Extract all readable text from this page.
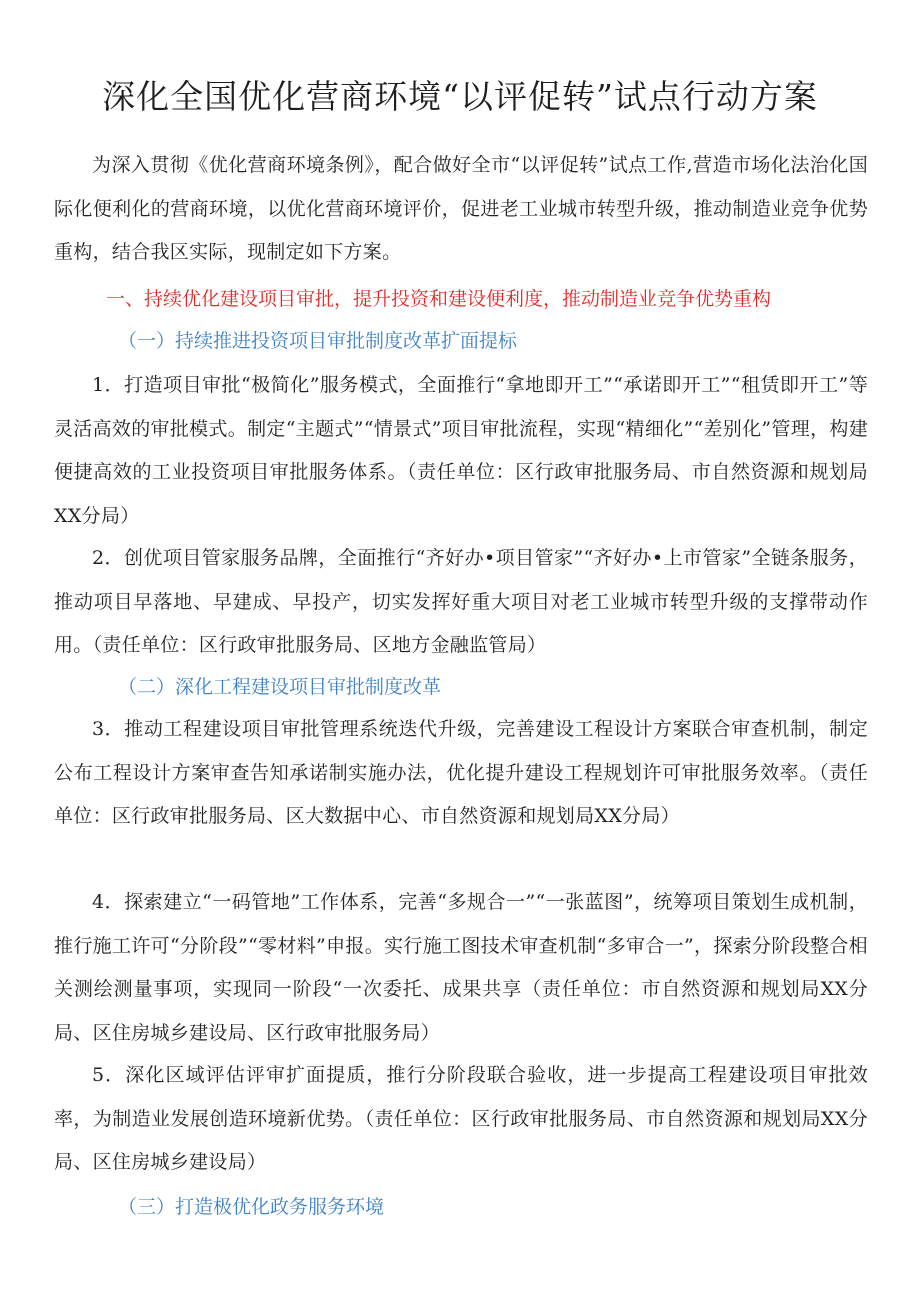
深化全国优化营商环境“以评促转”试点行动方案
为深入贯彻《优化营商环境条例》，配合做好全市“以评促转”试点工作,营造市场化法治化国际化便利化的营商环境，以优化营商环境评价，促进老工业城市转型升级，推动制造业竞争优势重构，结合我区实际，现制定如下方案。
一、持续优化建设项目审批，提升投资和建设便利度，推动制造业竞争优势重构
（一）持续推进投资项目审批制度改革扩面提标
1．打造项目审批“极简化”服务模式，全面推行“拿地即开工”“承诺即开工”“租赁即开工”等灵活高效的审批模式。制定“主题式”“情景式”项目审批流程，实现“精细化”“差别化”管理，构建便捷高效的工业投资项目审批服务体系。（责任单位：区行政审批服务局、市自然资源和规划局XX分局）
2．创优项目管家服务品牌，全面推行“齐好办•项目管家”“齐好办•上市管家”全链条服务，推动项目早落地、早建成、早投产，切实发挥好重大项目对老工业城市转型升级的支撑带动作用。（责任单位：区行政审批服务局、区地方金融监管局）
（二）深化工程建设项目审批制度改革
3．推动工程建设项目审批管理系统迭代升级，完善建设工程设计方案联合审查机制，制定公布工程设计方案审查告知承诺制实施办法，优化提升建设工程规划许可审批服务效率。（责任单位：区行政审批服务局、区大数据中心、市自然资源和规划局XX分局）
4．探索建立“一码管地”工作体系，完善“多规合一”“一张蓝图”，统筹项目策划生成机制，推行施工许可“分阶段”“零材料”申报。实行施工图技术审查机制“多审合一”，探索分阶段整合相关测绘测量事项，实现同一阶段“一次委托、成果共享（责任单位：市自然资源和规划局XX分局、区住房城乡建设局、区行政审批服务局）
5．深化区域评估评审扩面提质，推行分阶段联合验收，进一步提高工程建设项目审批效率，为制造业发展创造环境新优势。（责任单位：区行政审批服务局、市自然资源和规划局XX分局、区住房城乡建设局）
（三）打造极优化政务服务环境
